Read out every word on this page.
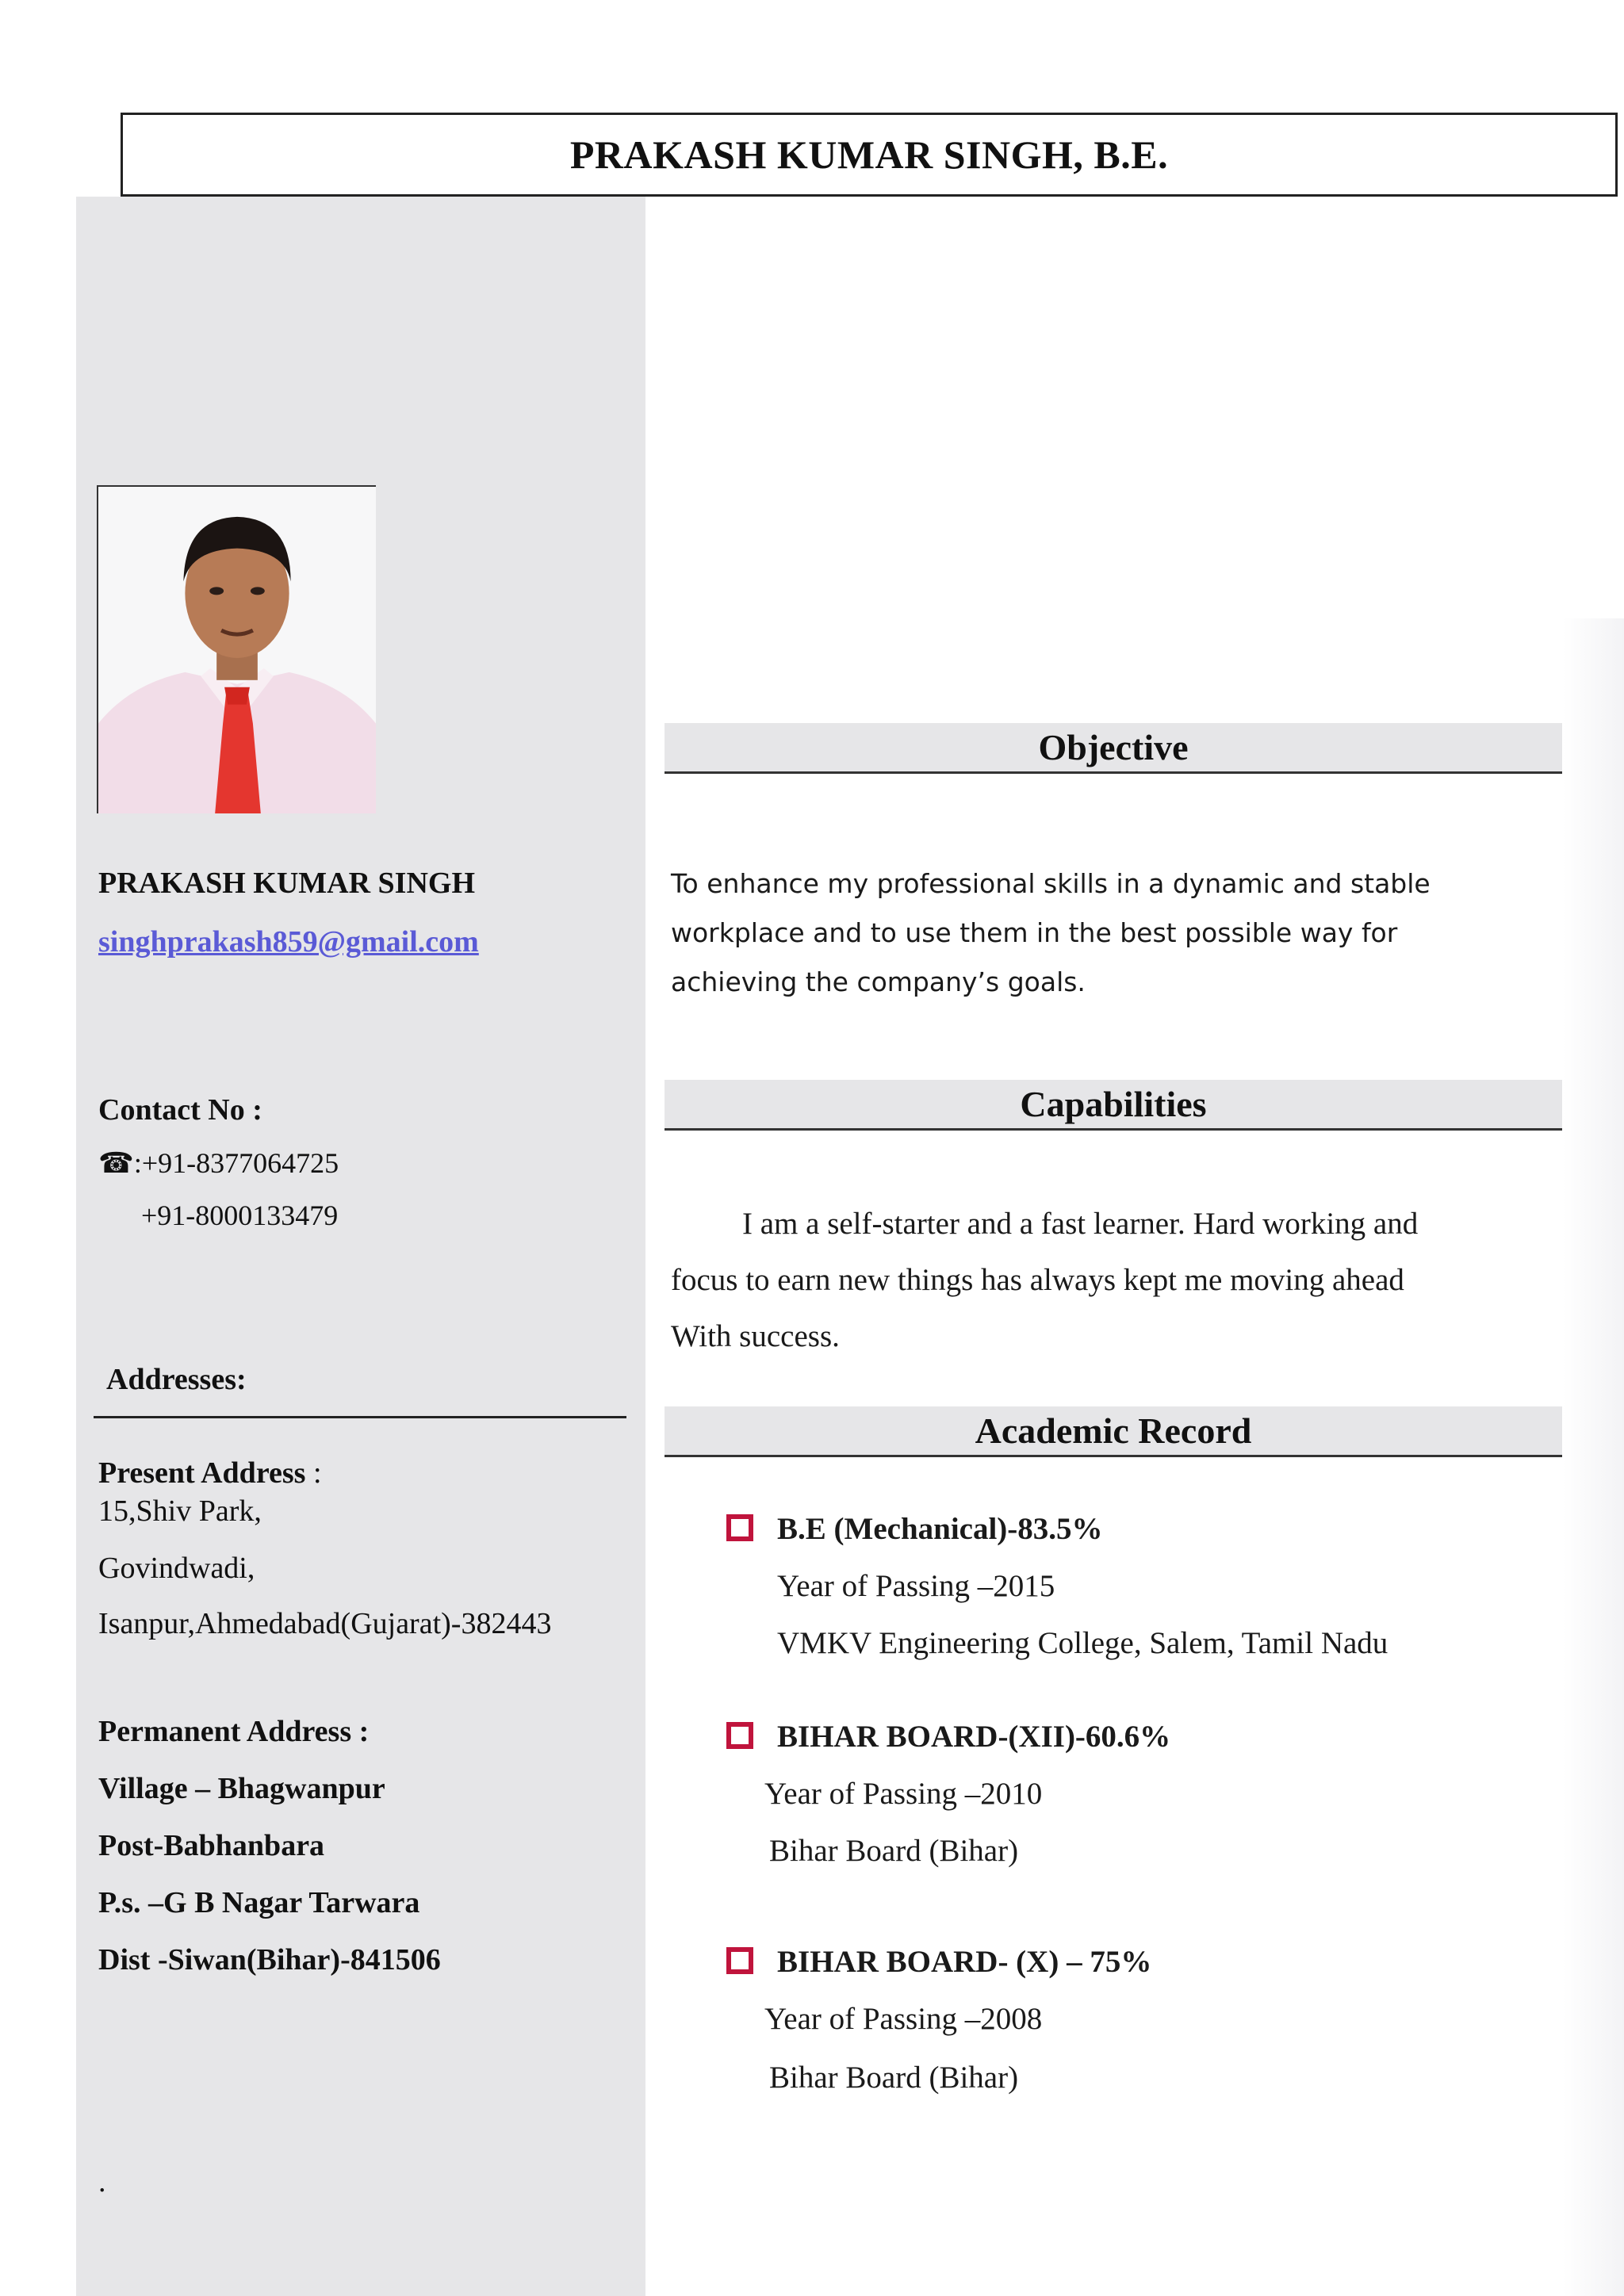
PRAKASH KUMAR SINGH, B.E.
PRAKASH KUMAR SINGH
singhprakash859@gmail.com
Contact No :
☎:+91-8377064725
+91-8000133479
Addresses:
Present Address :
15,Shiv Park,
Govindwadi,
Isanpur,Ahmedabad(Gujarat)-382443
Permanent Address :
Village – Bhagwanpur
Post-Babhanbara
P.s. –G B Nagar Tarwara
Dist -Siwan(Bihar)-841506
.
Objective
To enhance my professional skills in a dynamic and stable
workplace and to use them in the best possible way for
achieving the company’s goals.
Capabilities
I am a self-starter and a fast learner. Hard working and
focus to earn new things has always kept me moving ahead
With success.
Academic Record
B.E (Mechanical)-83.5%
Year of Passing –2015
VMKV Engineering College, Salem, Tamil Nadu
BIHAR BOARD-(XII)-60.6%
Year of Passing –2010
Bihar Board (Bihar)
BIHAR BOARD- (X) – 75%
Year of Passing –2008
Bihar Board (Bihar)
